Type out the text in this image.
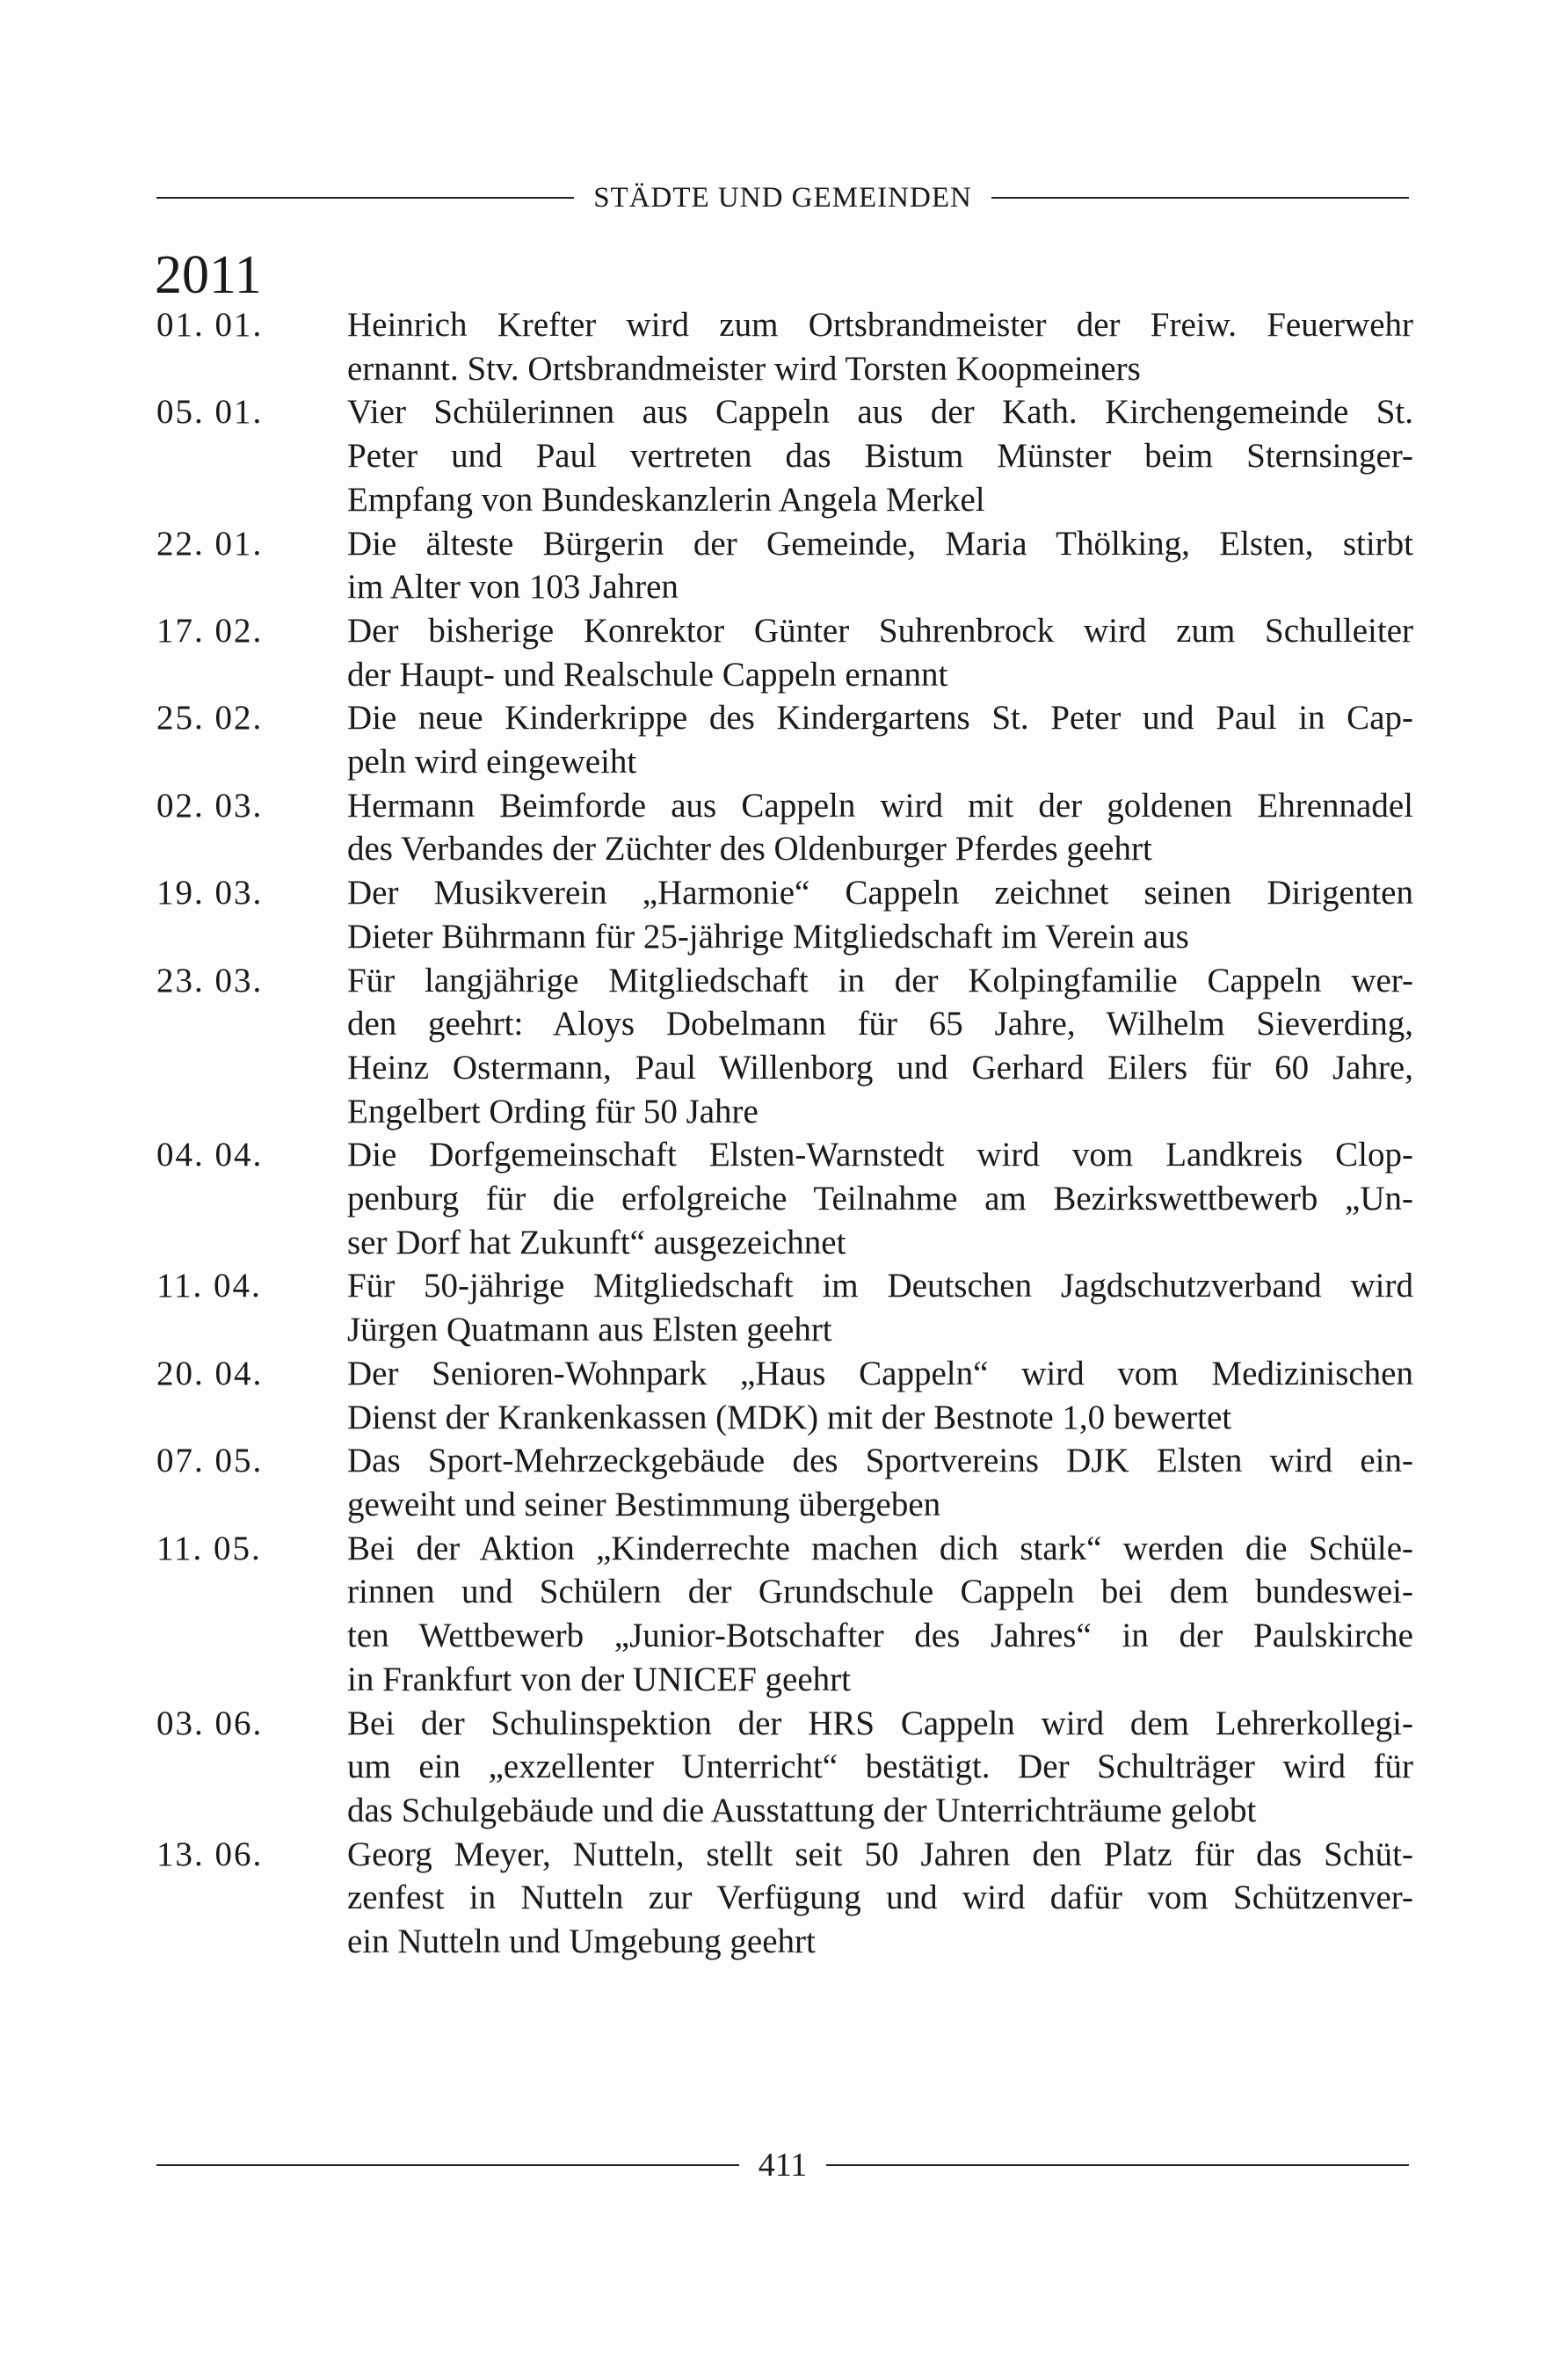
STÄDTE UND GEMEINDEN
2011
01. 01.	Heinrich Krefter wird zum Ortsbrandmeister der Freiw. Feuerwehr
ernannt. Stv. Ortsbrandmeister wird Torsten Koopmeiners
05. 01.	Vier Schülerinnen aus Cappeln aus der Kath. Kirchengemeinde St.
Peter und Paul vertreten das Bistum Münster beim Sternsinger-
Empfang von Bundeskanzlerin Angela Merkel
22. 01.	Die älteste Bürgerin der Gemeinde, Maria Thölking, Elsten, stirbt
im Alter von 103 Jahren
17. 02.	Der bisherige Konrektor Günter Suhrenbrock wird zum Schulleiter
der Haupt- und Realschule Cappeln ernannt
25. 02.	Die neue Kinderkrippe des Kindergartens St. Peter und Paul in Cap-
peln wird eingeweiht
02. 03.	Hermann Beimforde aus Cappeln wird mit der goldenen Ehrennadel
des Verbandes der Züchter des Oldenburger Pferdes geehrt
19. 03.	Der Musikverein „Harmonie“ Cappeln zeichnet seinen Dirigenten
Dieter Bührmann für 25-jährige Mitgliedschaft im Verein aus
23. 03.	Für langjährige Mitgliedschaft in der Kolpingfamilie Cappeln wer-
den geehrt: Aloys Dobelmann für 65 Jahre, Wilhelm Sieverding,
Heinz Ostermann, Paul Willenborg und Gerhard Eilers für 60 Jahre,
Engelbert Ording für 50 Jahre
04. 04.	Die Dorfgemeinschaft Elsten-Warnstedt wird vom Landkreis Clop-
penburg für die erfolgreiche Teilnahme am Bezirkswettbewerb „Un-
ser Dorf hat Zukunft“ ausgezeichnet
11. 04.	Für 50-jährige Mitgliedschaft im Deutschen Jagdschutzverband wird
Jürgen Quatmann aus Elsten geehrt
20. 04.	Der Senioren-Wohnpark „Haus Cappeln“ wird vom Medizinischen
Dienst der Krankenkassen (MDK) mit der Bestnote 1,0 bewertet
07. 05.	Das Sport-Mehrzeckgebäude des Sportvereins DJK Elsten wird ein-
geweiht und seiner Bestimmung übergeben
11. 05.	Bei der Aktion „Kinderrechte machen dich stark“ werden die Schüle-
rinnen und Schülern der Grundschule Cappeln bei dem bundeswei-
ten Wettbewerb „Junior-Botschafter des Jahres“ in der Paulskirche
in Frankfurt von der UNICEF geehrt
03. 06.	Bei der Schulinspektion der HRS Cappeln wird dem Lehrerkollegi-
um ein „exzellenter Unterricht“ bestätigt. Der Schulträger wird für
das Schulgebäude und die Ausstattung der Unterrichträume gelobt
13. 06.	Georg Meyer, Nutteln, stellt seit 50 Jahren den Platz für das Schüt-
zenfest in Nutteln zur Verfügung und wird dafür vom Schützenver-
ein Nutteln und Umgebung geehrt
411
